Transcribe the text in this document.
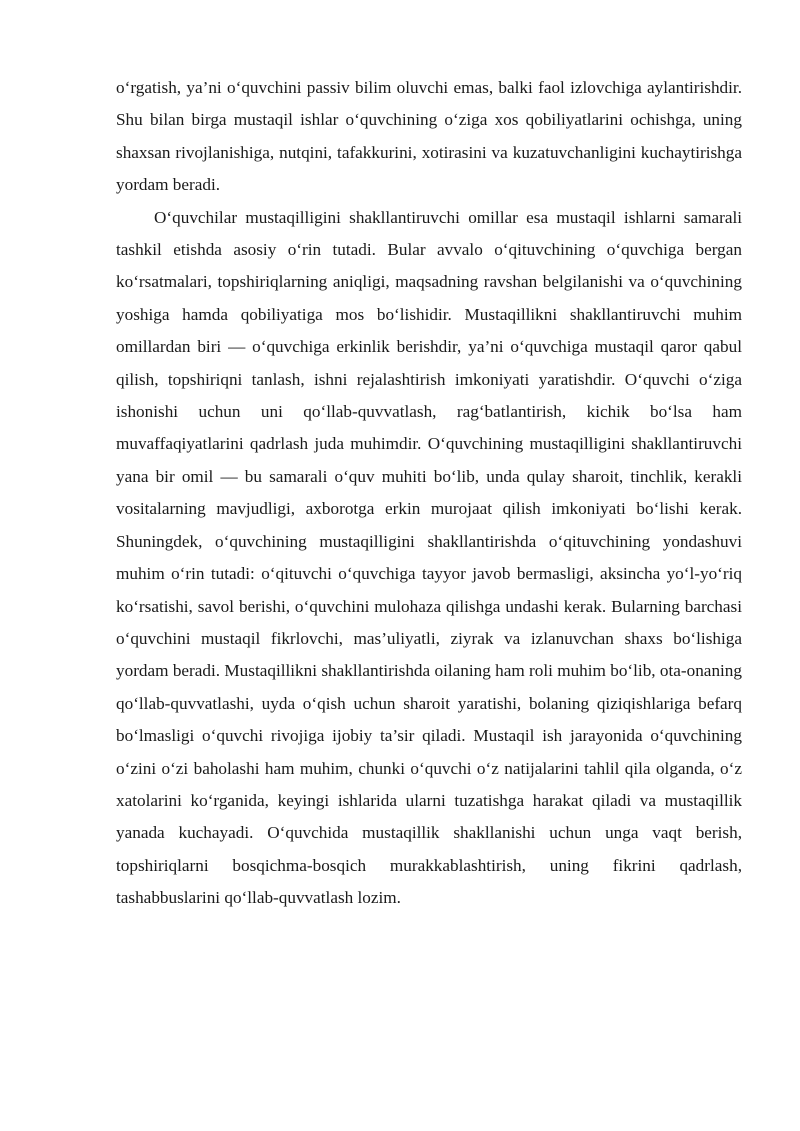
o‘rgatish, ya’ni o‘quvchini passiv bilim oluvchi emas, balki faol izlovchiga aylantirishdir. Shu bilan birga mustaqil ishlar o‘quvchining o‘ziga xos qobiliyatlarini ochishga, uning shaxsan rivojlanishiga, nutqini, tafakkurini, xotirasini va kuzatuvchanligini kuchaytirishga yordam beradi.

O‘quvchilar mustaqilligini shakllantiruvchi omillar esa mustaqil ishlarni samarali tashkil etishda asosiy o‘rin tutadi. Bular avvalo o‘qituvchining o‘quvchiga bergan ko‘rsatmalari, topshiriqlarning aniqligi, maqsadning ravshan belgilanishi va o‘quvchining yoshiga hamda qobiliyatiga mos bo‘lishidir. Mustaqillikni shakllantiruvchi muhim omillardan biri — o‘quvchiga erkinlik berishdir, ya’ni o‘quvchiga mustaqil qaror qabul qilish, topshiriqni tanlash, ishni rejalashtirish imkoniyati yaratishdir. O‘quvchi o‘ziga ishonishi uchun uni qo‘llab-quvvatlash, rag‘batlantirish, kichik bo‘lsa ham muvaffaqiyatlarini qadrlash juda muhimdir. O‘quvchining mustaqilligini shakllantiruvchi yana bir omil — bu samarali o‘quv muhiti bo‘lib, unda qulay sharoit, tinchlik, kerakli vositalarning mavjudligi, axborotga erkin murojaat qilish imkoniyati bo‘lishi kerak. Shuningdek, o‘quvchining mustaqilligini shakllantirishda o‘qituvchining yondashuvi muhim o‘rin tutadi: o‘qituvchi o‘quvchiga tayyor javob bermasligi, aksincha yo‘l-yo‘riq ko‘rsatishi, savol berishi, o‘quvchini mulohaza qilishga undashi kerak. Bularning barchasi o‘quvchini mustaqil fikrlovchi, mas’uliyatli, ziyrak va izlanuvchan shaxs bo‘lishiga yordam beradi. Mustaqillikni shakllantirishda oilaning ham roli muhim bo‘lib, ota-onaning qo‘llab-quvvatlashi, uyda o‘qish uchun sharoit yaratishi, bolaning qiziqishlariga befarq bo‘lmasligi o‘quvchi rivojiga ijobiy ta’sir qiladi. Mustaqil ish jarayonida o‘quvchining o‘zini o‘zi baholashi ham muhim, chunki o‘quvchi o‘z natijalarini tahlil qila olganda, o‘z xatolarini ko‘rganida, keyingi ishlarida ularni tuzatishga harakat qiladi va mustaqillik yanada kuchayadi. O‘quvchida mustaqillik shakllanishi uchun unga vaqt berish, topshiriqlarni bosqichma-bosqich murakkablashtirish, uning fikrini qadrlash, tashabbuslarini qo‘llab-quvvatlash lozim.
